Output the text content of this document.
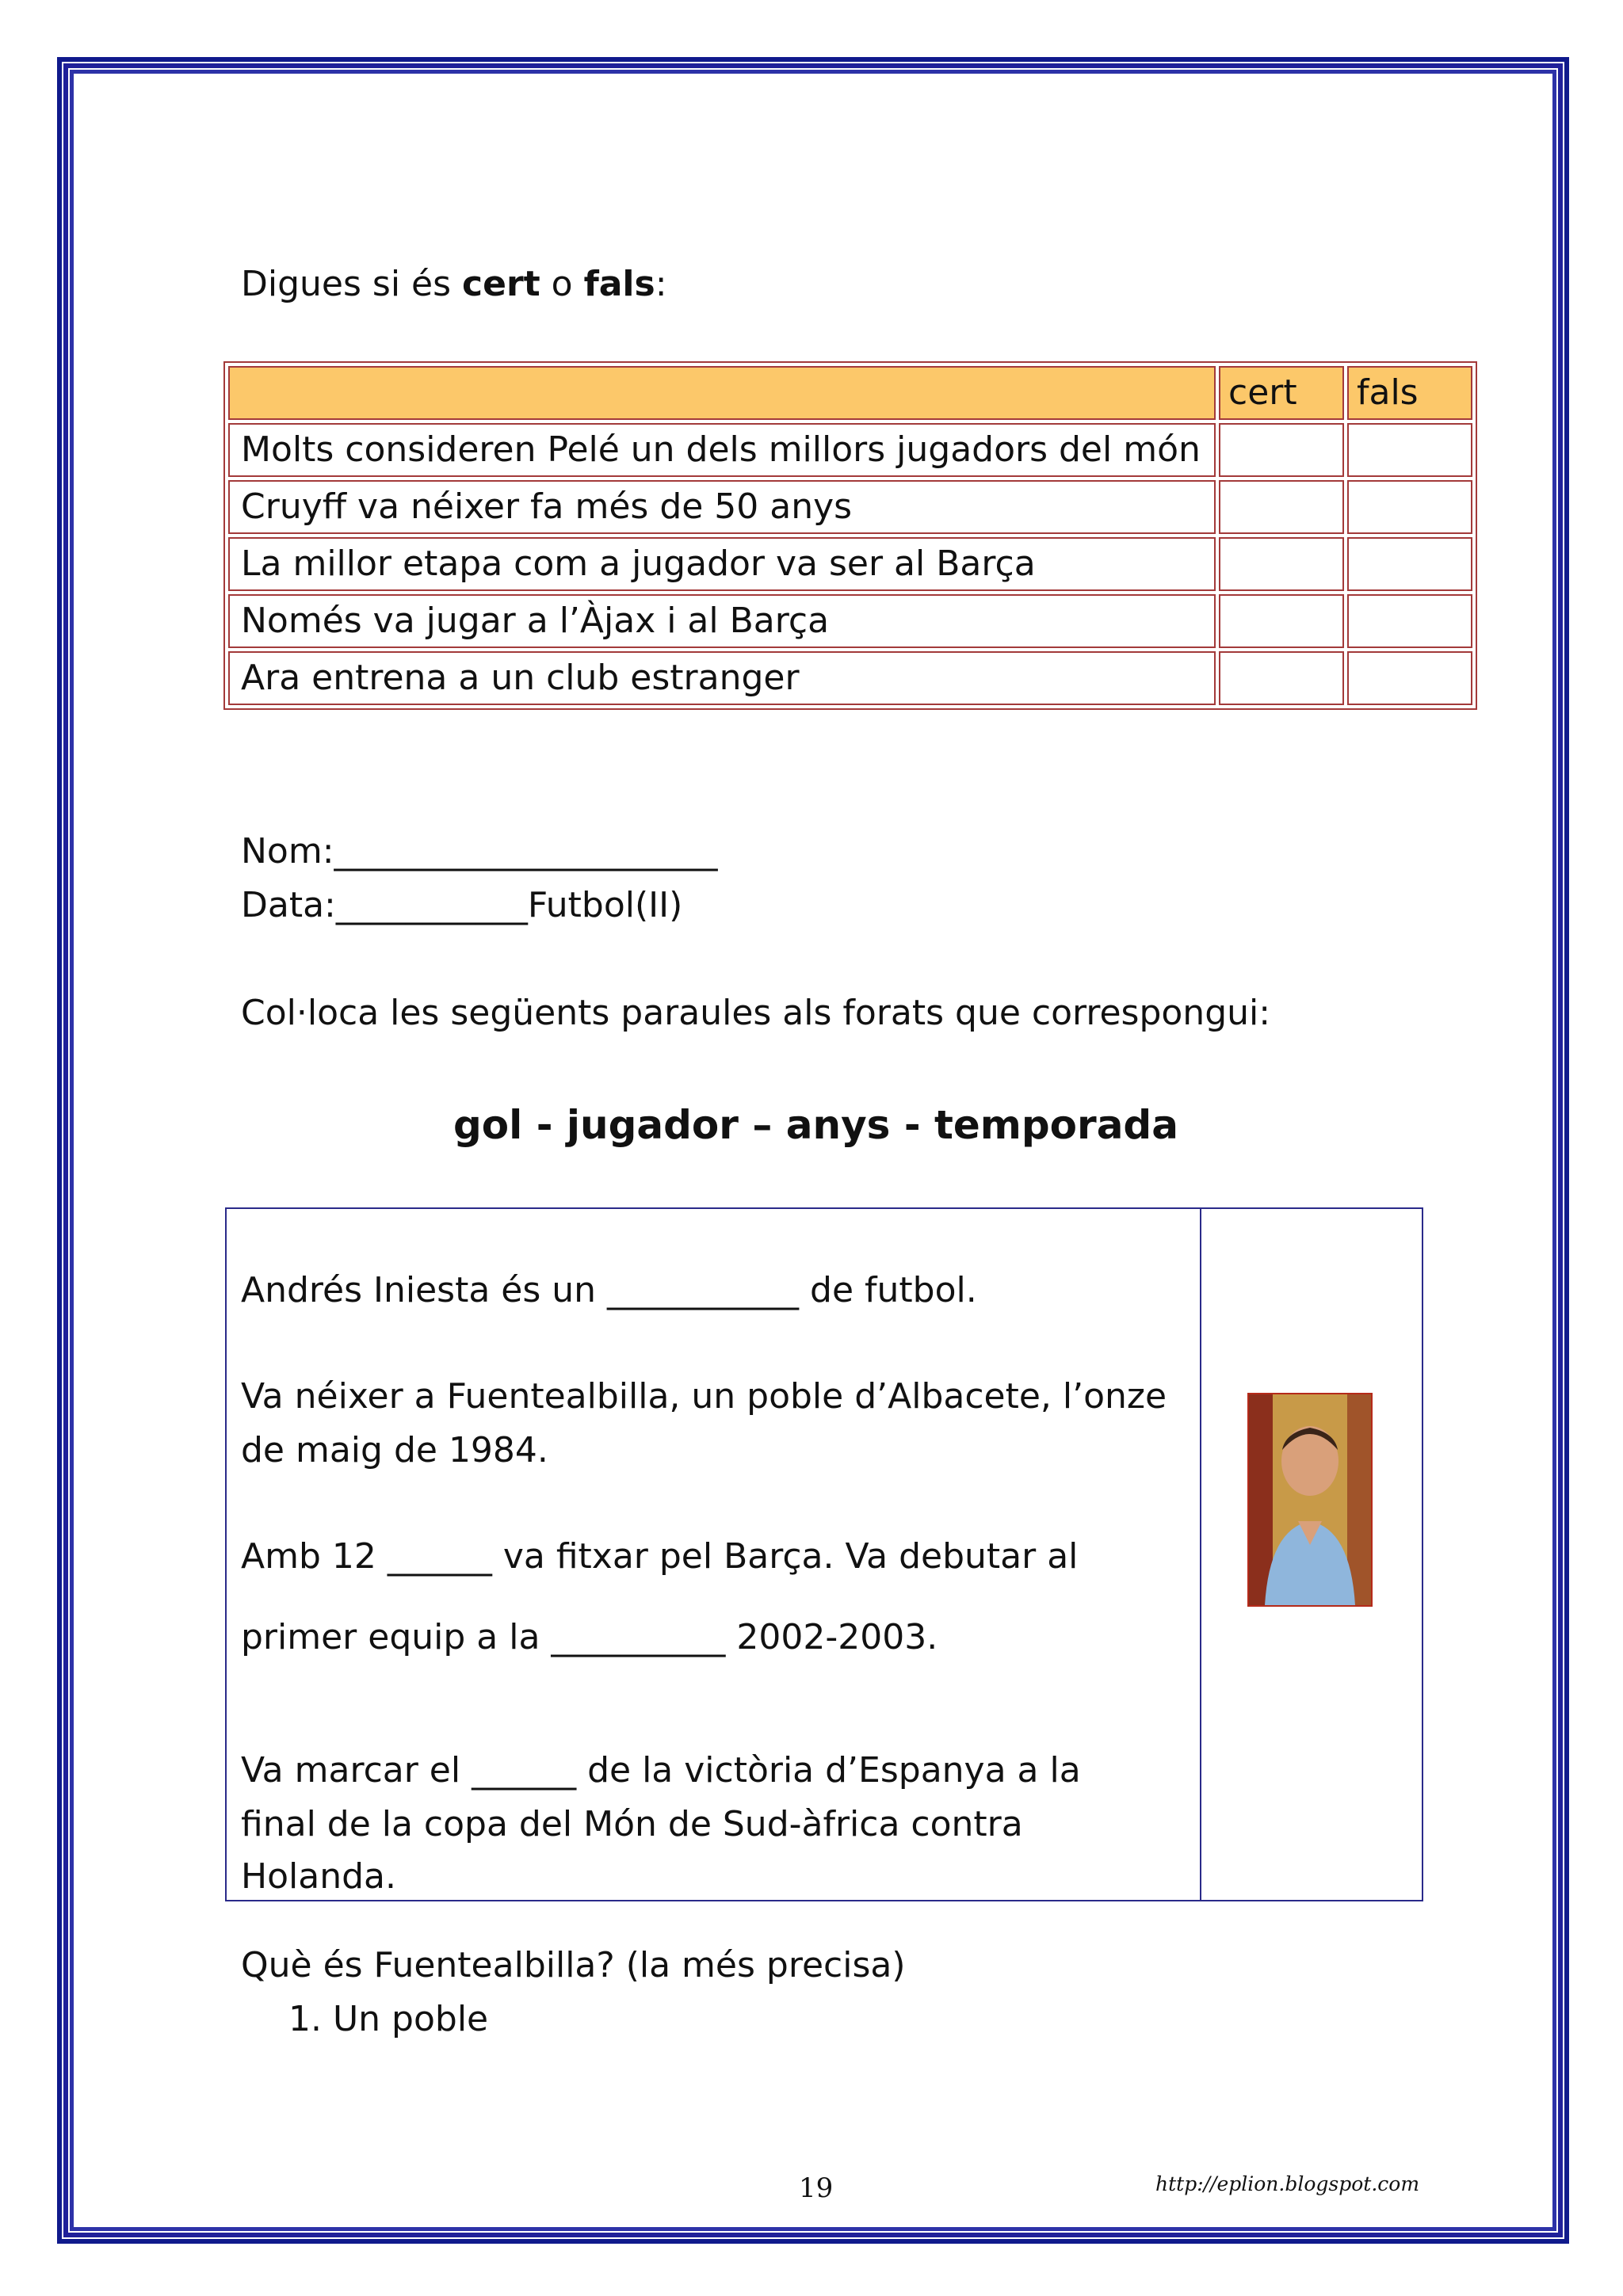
Digues si és cert o fals:
	cert	fals
Molts consideren Pelé un dels millors jugadors del món		
Cruyff va néixer fa més de 50 anys		
La millor etapa com a jugador va ser al Barça		
Només va jugar a l’Àjax i al Barça		
Ara entrena a un club estranger		
Nom:______________________
Data:___________Futbol(II)
Col·loca les següents paraules als forats que correspongui:
gol - jugador – anys - temporada
Andrés Iniesta és un ___________ de futbol.
Va néixer a Fuentealbilla, un poble d’Albacete, l’onze
de maig de 1984.
Amb 12 ______ va fitxar pel Barça. Va debutar al
primer equip a la __________ 2002-2003.
Va marcar el ______ de la victòria d’Espanya a la
final de la copa del Món de Sud-àfrica contra
Holanda.
Què és Fuentealbilla? (la més precisa)
1. Un poble
19	http://eplion.blogspot.com
